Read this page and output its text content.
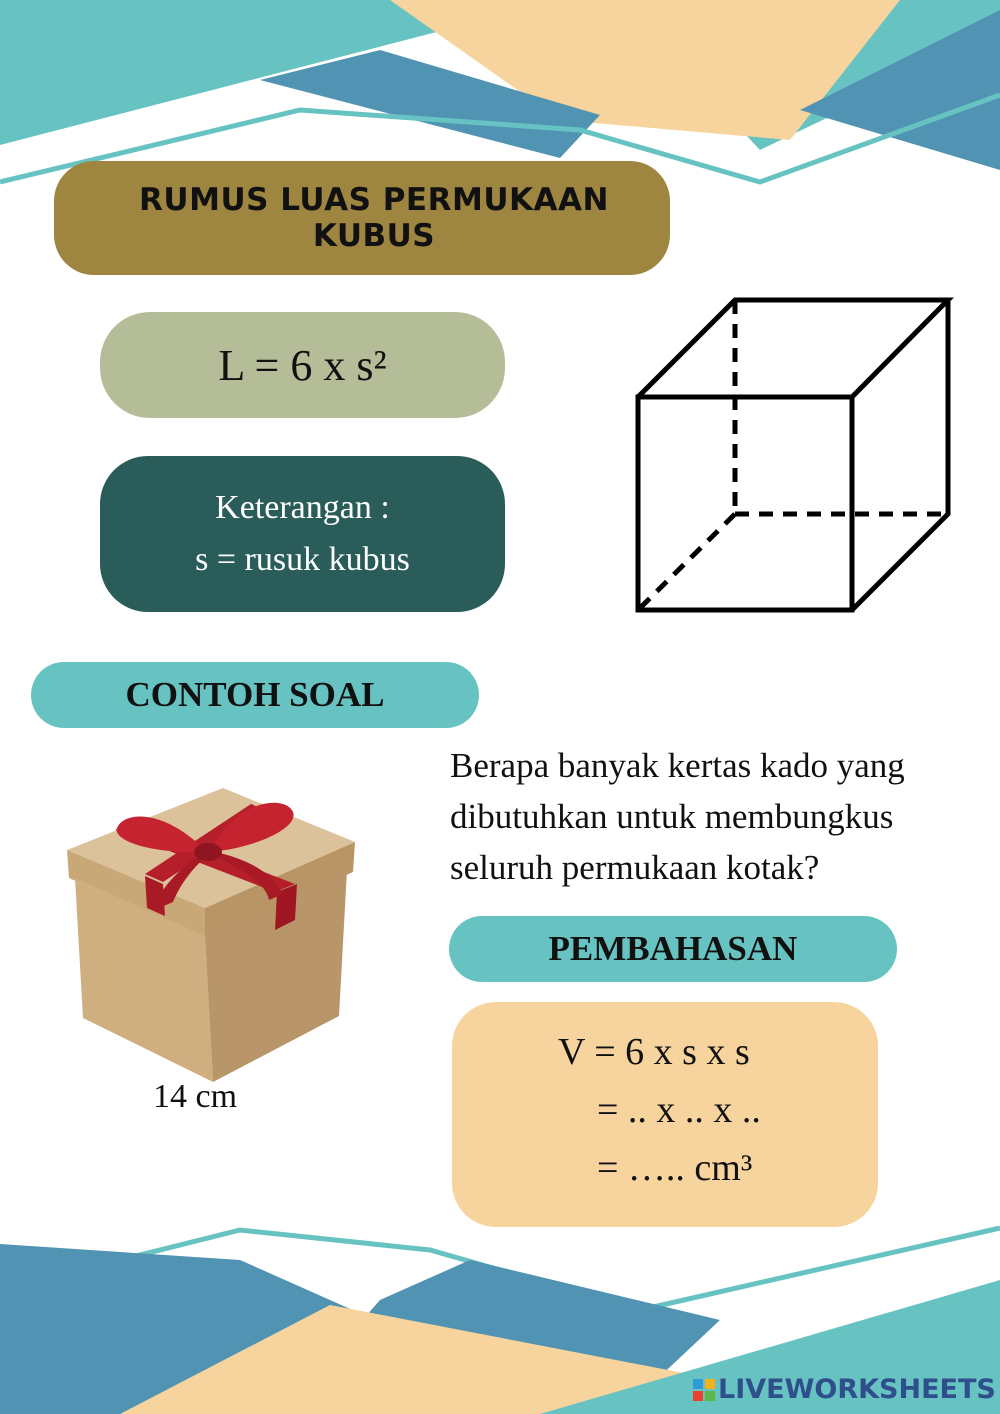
RUMUS LUAS PERMUKAAN KUBUS
L = 6 x s²
Keterangan :
s = rusuk kubus
CONTOH SOAL
14 cm
Berapa banyak kertas kado yang dibutuhkan untuk membungkus seluruh permukaan kotak?
PEMBAHASAN
V = 6 x s x s
= .. x .. x ..
= ….. cm³
LIVEWORKSHEETS
